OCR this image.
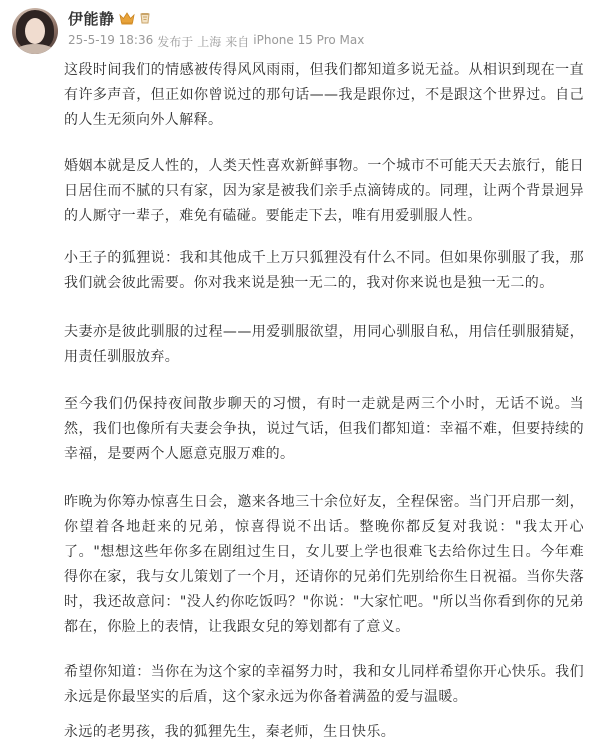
伊能静
25-5-19 18:36 发布于 上海 来自 iPhone 15 Pro Max

这段时间我们的情感被传得风风雨雨，但我们都知道多说无益。从相识到现在一直有许多声音，但正如你曾说过的那句话——我是跟你过，不是跟这个世界过。自己的人生无须向外人解释。

婚姻本就是反人性的，人类天性喜欢新鲜事物。一个城市不可能天天去旅行，能日日居住而不腻的只有家，因为家是被我们亲手点滴铸成的。同理，让两个背景迥异的人厮守一辈子，难免有磕碰。要能走下去，唯有用爱驯服人性。

小王子的狐狸说：我和其他成千上万只狐狸没有什么不同。但如果你驯服了我，那我们就会彼此需要。你对我来说是独一无二的，我对你来说也是独一无二的。

夫妻亦是彼此驯服的过程——用爱驯服欲望，用同心驯服自私，用信任驯服猜疑，用责任驯服放弃。

至今我们仍保持夜间散步聊天的习惯，有时一走就是两三个小时，无话不说。当然，我们也像所有夫妻会争执，说过气话，但我们都知道：幸福不难，但要持续的幸福，是要两个人愿意克服万难的。

昨晚为你筹办惊喜生日会，邀来各地三十余位好友，全程保密。当门开启那一刻，你望着各地赶来的兄弟，惊喜得说不出话。整晚你都反复对我说："我太开心了。"想想这些年你多在剧组过生日，女儿要上学也很难飞去给你过生日。今年难得你在家，我与女儿策划了一个月，还请你的兄弟们先别给你生日祝福。当你失落时，我还故意问："没人约你吃饭吗？"你说："大家忙吧。"所以当你看到你的兄弟都在，你脸上的表情，让我跟女兒的筹划都有了意义。

希望你知道：当你在为这个家的幸福努力时，我和女儿同样希望你开心快乐。我们永远是你最坚实的后盾，这个家永远为你备着满盈的爱与温暖。

永远的老男孩，我的狐狸先生，秦老师，生日快乐。
